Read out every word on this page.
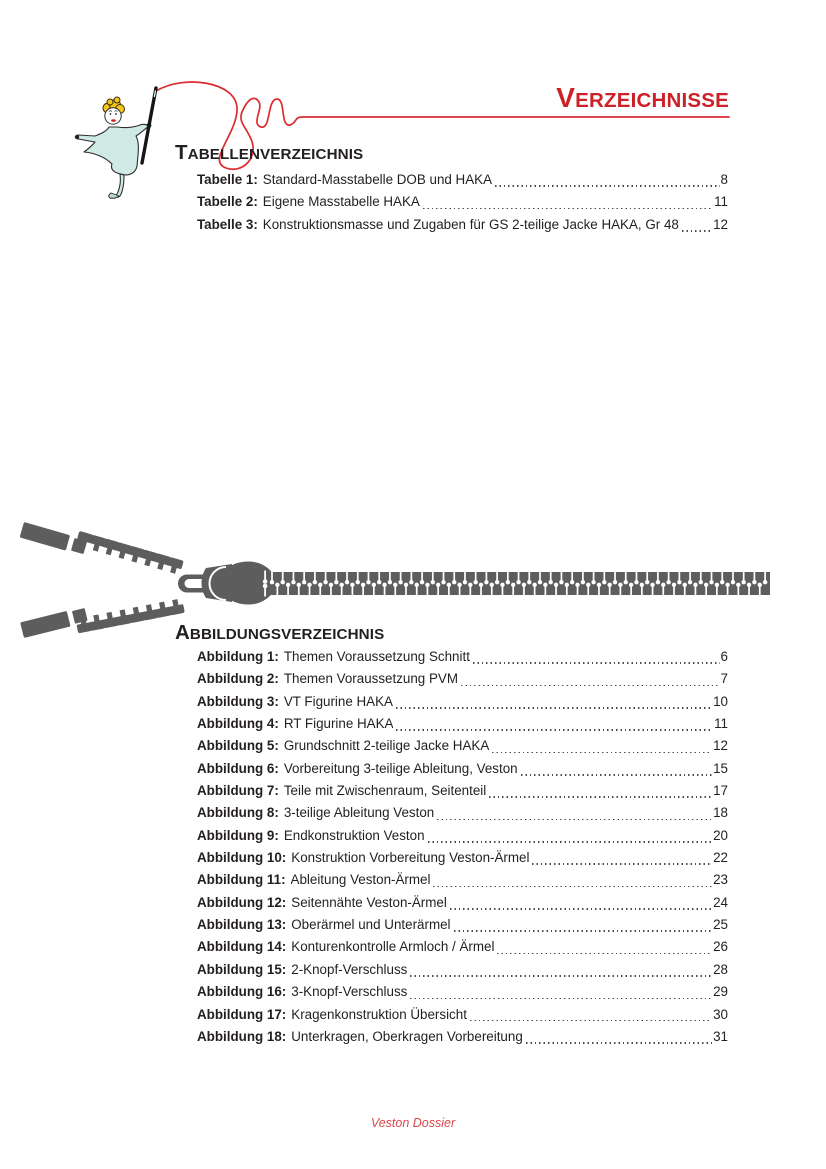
VERZEICHNISSE
TABELLENVERZEICHNIS
Tabelle 1: Standard-Masstabelle DOB und HAKA	8
Tabelle 2: Eigene Masstabelle HAKA	11
Tabelle 3: Konstruktionsmasse und Zugaben für GS 2-teilige Jacke HAKA, Gr 48	12
ABBILDUNGSVERZEICHNIS
Abbildung 1: Themen Voraussetzung Schnitt	6
Abbildung 2: Themen Voraussetzung PVM	7
Abbildung 3: VT Figurine HAKA	10
Abbildung 4: RT Figurine HAKA	11
Abbildung 5: Grundschnitt 2-teilige Jacke HAKA	12
Abbildung 6: Vorbereitung 3-teilige Ableitung, Veston	15
Abbildung 7: Teile mit Zwischenraum, Seitenteil	17
Abbildung 8: 3-teilige Ableitung Veston	18
Abbildung 9: Endkonstruktion Veston	20
Abbildung 10: Konstruktion Vorbereitung Veston-Ärmel	22
Abbildung 11: Ableitung Veston-Ärmel	23
Abbildung 12: Seitennähte Veston-Ärmel	24
Abbildung 13: Oberärmel und Unterärmel	25
Abbildung 14: Konturenkontrolle Armloch / Ärmel	26
Abbildung 15: 2-Knopf-Verschluss	28
Abbildung 16: 3-Knopf-Verschluss	29
Abbildung 17: Kragenkonstruktion Übersicht	30
Abbildung 18: Unterkragen, Oberkragen Vorbereitung	31
Veston Dossier
